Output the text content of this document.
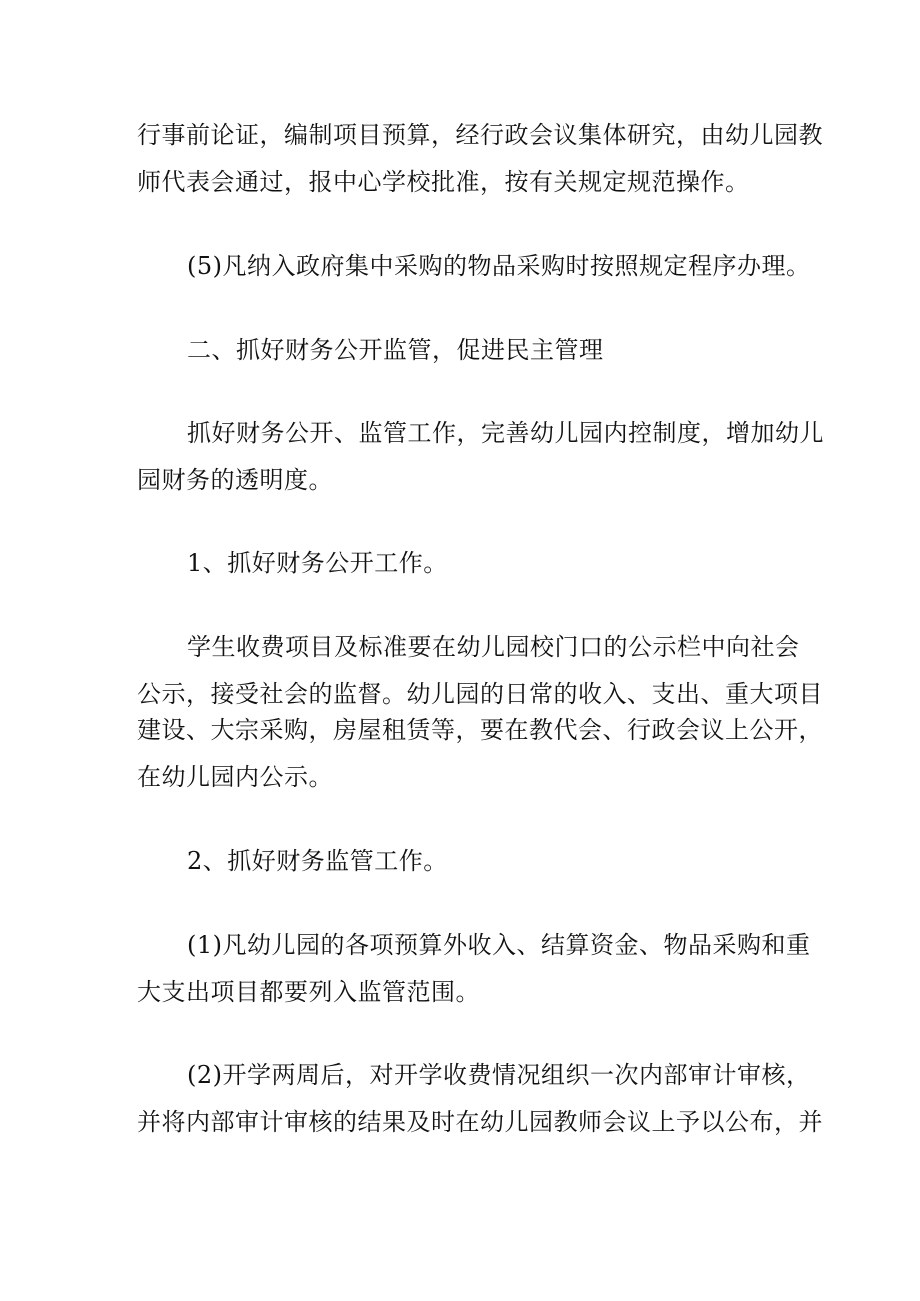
行事前论证，编制项目预算，经行政会议集体研究，由幼儿园教
师代表会通过，报中心学校批准，按有关规定规范操作。
(5)凡纳入政府集中采购的物品采购时按照规定程序办理。
二、抓好财务公开监管，促进民主管理
抓好财务公开、监管工作，完善幼儿园内控制度，增加幼儿
园财务的透明度。
1、抓好财务公开工作。
学生收费项目及标准要在幼儿园校门口的公示栏中向社会
公示，接受社会的监督。幼儿园的日常的收入、支出、重大项目
建设、大宗采购，房屋租赁等，要在教代会、行政会议上公开，
在幼儿园内公示。
2、抓好财务监管工作。
(1)凡幼儿园的各项预算外收入、结算资金、物品采购和重
大支出项目都要列入监管范围。
(2)开学两周后，对开学收费情况组织一次内部审计审核，
并将内部审计审核的结果及时在幼儿园教师会议上予以公布，并
